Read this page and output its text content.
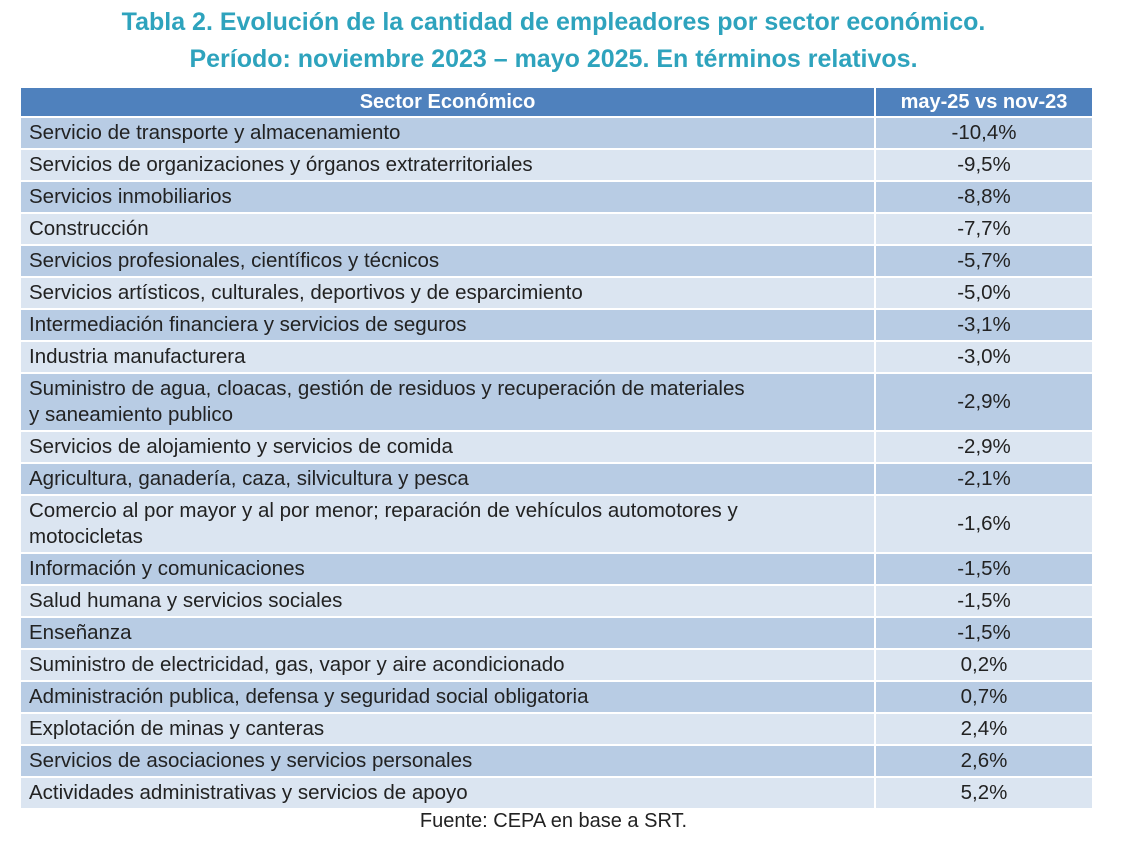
Tabla 2. Evolución de la cantidad de empleadores por sector económico.
Período: noviembre 2023 – mayo 2025. En términos relativos.
Sector Económico	may-25 vs nov-23

Servicio de transporte y almacenamiento	-10,4%

Servicios de organizaciones y órganos extraterritoriales	-9,5%

Servicios inmobiliarios	-8,8%

Construcción	-7,7%

Servicios profesionales, científicos y técnicos	-5,7%

Servicios artísticos, culturales, deportivos y de esparcimiento	-5,0%

Intermediación financiera y servicios de seguros	-3,1%

Industria manufacturera	-3,0%

Suministro de agua, cloacas, gestión de residuos y recuperación de materiales
y saneamiento publico	-2,9%

Servicios de alojamiento y servicios de comida	-2,9%

Agricultura, ganadería, caza, silvicultura y pesca	-2,1%

Comercio al por mayor y al por menor; reparación de vehículos automotores y
motocicletas	-1,6%

Información y comunicaciones	-1,5%

Salud humana y servicios sociales	-1,5%

Enseñanza	-1,5%

Suministro de electricidad, gas, vapor y aire acondicionado	0,2%

Administración publica, defensa y seguridad social obligatoria	0,7%

Explotación de minas y canteras	2,4%

Servicios de asociaciones y servicios personales	2,6%

Actividades administrativas y servicios de apoyo	5,2%
Fuente: CEPA en base a SRT.
